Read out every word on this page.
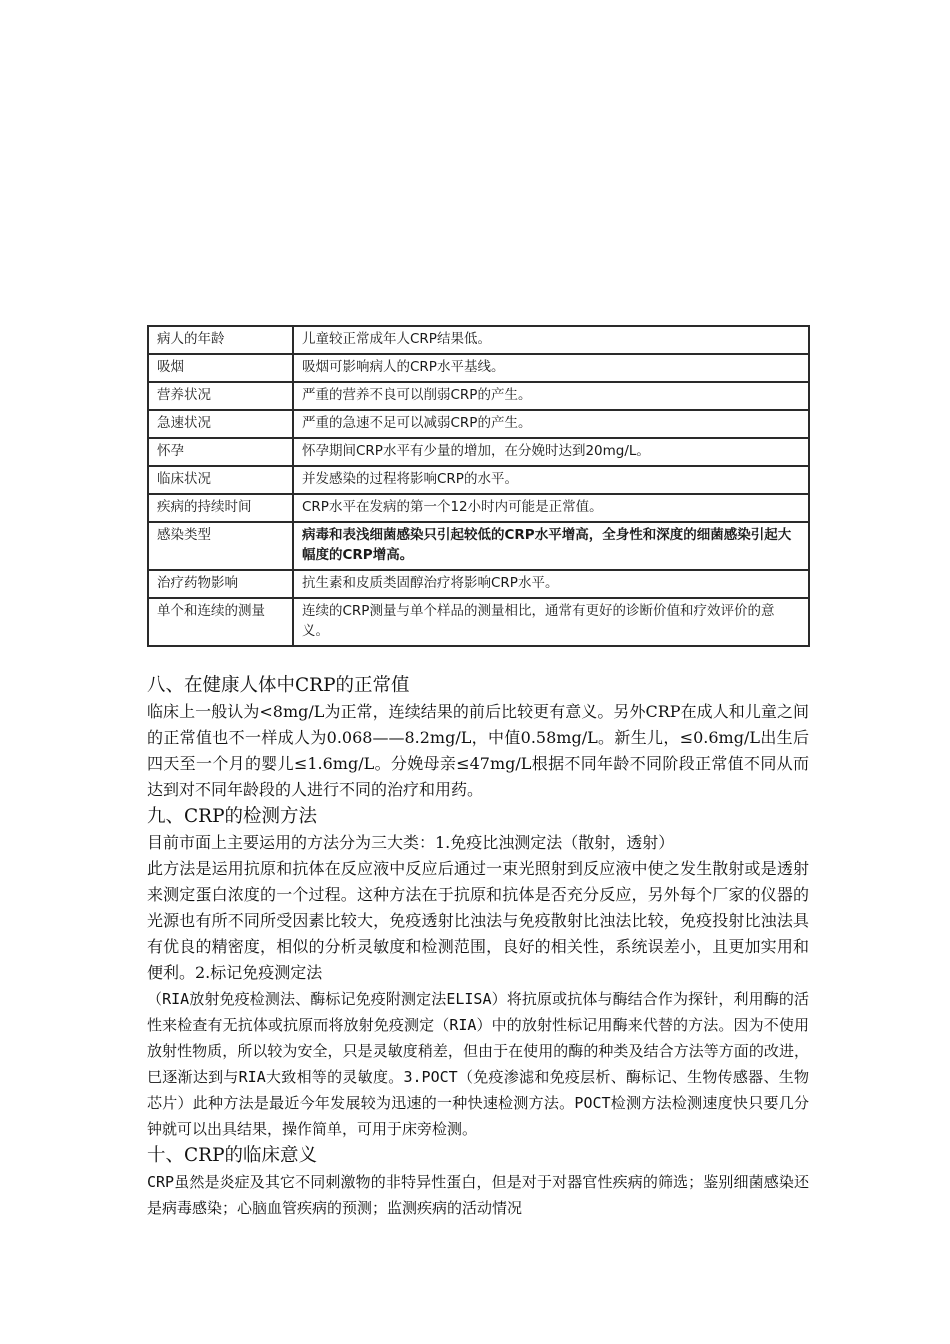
病人的年龄	儿童较正常成年人CRP结果低。
吸烟	吸烟可影响病人的CRP水平基线。
营养状况	严重的营养不良可以削弱CRP的产生。
急速状况	严重的急速不足可以减弱CRP的产生。
怀孕	怀孕期间CRP水平有少量的增加，在分娩时达到20mg/L。
临床状况	并发感染的过程将影响CRP的水平。
疾病的持续时间	CRP水平在发病的第一个12小时内可能是正常值。
感染类型	病毒和表浅细菌感染只引起较低的CRP水平增高，全身性和深度的细菌感染引起大幅度的CRP增高。
治疗药物影响	抗生素和皮质类固醇治疗将影响CRP水平。
单个和连续的测量	连续的CRP测量与单个样品的测量相比，通常有更好的诊断价值和疗效评价的意义。
八、在健康人体中CRP的正常值

临床上一般认为<8mg/L为正常，连续结果的前后比较更有意义。另外CRP在成人和儿童之间的正常值也不一样成人为0.068——8.2mg/L，中值0.58mg/L。新生儿，≤0.6mg/L出生后四天至一个月的婴儿≤1.6mg/L。分娩母亲≤47mg/L根据不同年龄不同阶段正常值不同从而达到对不同年龄段的人进行不同的治疗和用药。

九、CRP的检测方法

目前市面上主要运用的方法分为三大类：1.免疫比浊测定法（散射，透射）

此方法是运用抗原和抗体在反应液中反应后通过一束光照射到反应液中使之发生散射或是透射来测定蛋白浓度的一个过程。这种方法在于抗原和抗体是否充分反应，另外每个厂家的仪器的光源也有所不同所受因素比较大，免疫透射比浊法与免疫散射比浊法比较，免疫投射比浊法具有优良的精密度，相似的分析灵敏度和检测范围，良好的相关性，系统误差小，且更加实用和便利。2.标记免疫测定法

（RIA放射免疫检测法、酶标记免疫附测定法ELISA）将抗原或抗体与酶结合作为探针，利用酶的活性来检查有无抗体或抗原而将放射免疫测定（RIA）中的放射性标记用酶来代替的方法。因为不使用放射性物质，所以较为安全，只是灵敏度稍差，但由于在使用的酶的种类及结合方法等方面的改进，巳逐渐达到与RIA大致相等的灵敏度。3.POCT（免疫渗滤和免疫层析、酶标记、生物传感器、生物芯片）此种方法是最近今年发展较为迅速的一种快速检测方法。POCT检测方法检测速度快只要几分钟就可以出具结果，操作简单，可用于床旁检测。

十、CRP的临床意义

CRP虽然是炎症及其它不同刺激物的非特异性蛋白，但是对于对器官性疾病的筛选；鉴别细菌感染还是病毒感染；心脑血管疾病的预测；监测疾病的活动情况
